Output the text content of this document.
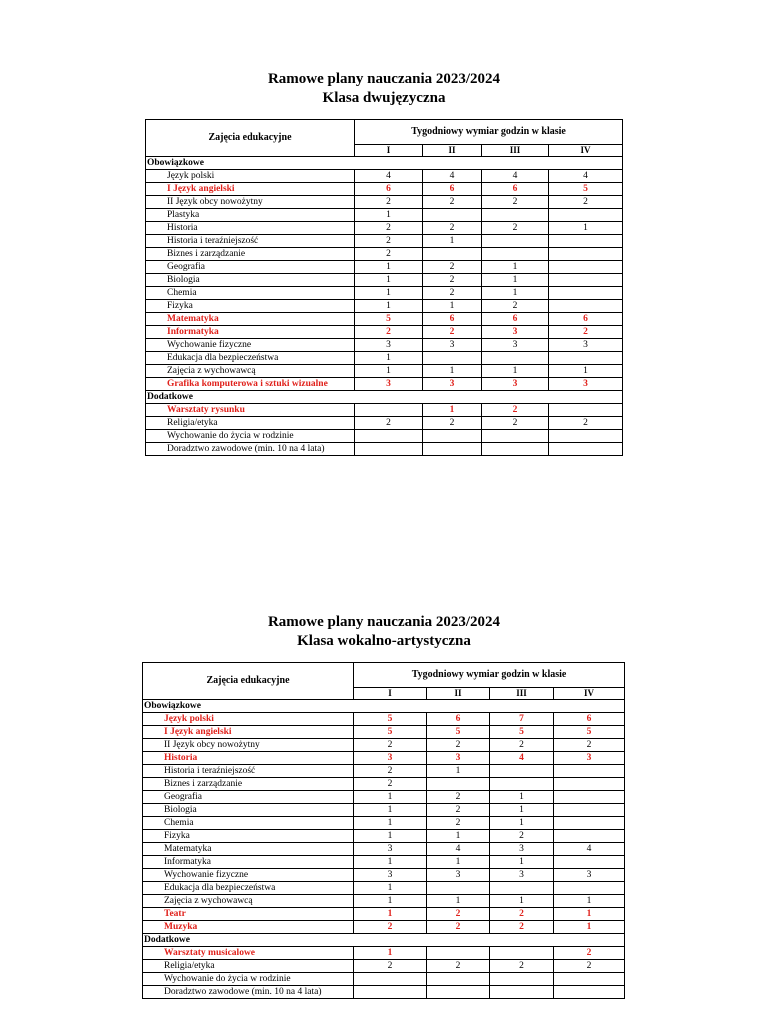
Ramowe plany nauczania 2023/2024
Klasa dwujęzyczna
Zajęcia edukacyjne	Tygodniowy wymiar godzin w klasie			
	I	II	III	IV
Obowiązkowe				
Język polski	4	4	4	4
I Język angielski	6	6	6	5
II Język obcy nowożytny	2	2	2	2
Plastyka	1			
Historia	2	2	2	1
Historia i teraźniejszość	2	1		
Biznes i zarządzanie	2			
Geografia	1	2	1	
Biologia	1	2	1	
Chemia	1	2	1	
Fizyka	1	1	2	
Matematyka	5	6	6	6
Informatyka	2	2	3	2
Wychowanie fizyczne	3	3	3	3
Edukacja dla bezpieczeństwa	1			
Zajęcia z wychowawcą	1	1	1	1
Grafika komputerowa i sztuki wizualne	3	3	3	3
Dodatkowe				
Warsztaty rysunku		1	2	
Religia/etyka	2	2	2	2
Wychowanie do życia w rodzinie				
Doradztwo zawodowe (min. 10 na 4 lata)				
Ramowe plany nauczania 2023/2024
Klasa wokalno-artystyczna
Zajęcia edukacyjne	Tygodniowy wymiar godzin w klasie			
	I	II	III	IV
Obowiązkowe				
Język polski	5	6	7	6
I Język angielski	5	5	5	5
II Język obcy nowożytny	2	2	2	2
Historia	3	3	4	3
Historia i teraźniejszość	2	1		
Biznes i zarządzanie	2			
Geografia	1	2	1	
Biologia	1	2	1	
Chemia	1	2	1	
Fizyka	1	1	2	
Matematyka	3	4	3	4
Informatyka	1	1	1	
Wychowanie fizyczne	3	3	3	3
Edukacja dla bezpieczeństwa	1			
Zajęcia z wychowawcą	1	1	1	1
Teatr	1	2	2	1
Muzyka	2	2	2	1
Dodatkowe				
Warsztaty musicalowe	1			2
Religia/etyka	2	2	2	2
Wychowanie do życia w rodzinie				
Doradztwo zawodowe (min. 10 na 4 lata)				
